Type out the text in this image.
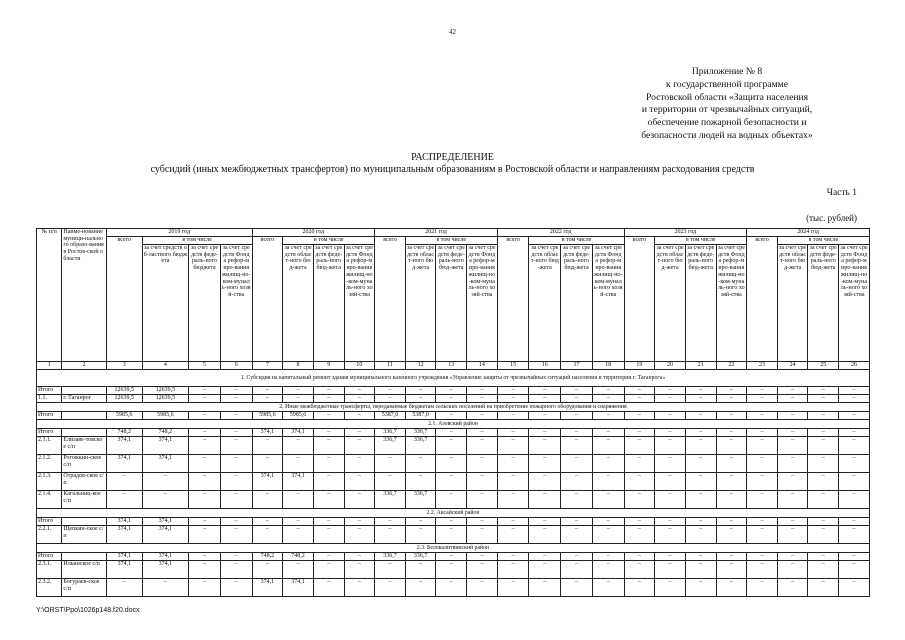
42
Приложение № 8
к государственной программе
Ростовской области «Защита населения
и территории от чрезвычайных ситуаций,
обеспечение пожарной безопасности и
безопасности людей на водных объектах»
РАСПРЕДЕЛЕНИЕ
субсидий (иных межбюджетных трансфертов) по муниципальным образованиям в Ростовской области и направлениям расходования средств
Часть 1
(тыс. рублей)
№ п/п	Наиме-нование муници-пального образо-вания в Ростов-ской области	2019 год				2020 год				2021 год				2022 год				2023 год				2024 год			
		всего	в том числе			всего	в том числе			всего	в том числе			всего	в том числе			всего	в том числе			всего	в том числе		
			за счет средств об-ластного бюджета	за счет средств феде-раль-ного бюджета	за счет средств Фонда рефор-миро-вания жилищ-но-ком-муналь-ного хозяй-ства		за счет средств област-ного бюд-жета	за счет средств феде-раль-ного бюд-жета	за счет средств Фонда рефор-миро-вания жилищ-но-ком-муналь-ного хозяй-ства		за счет средств област-ного бюд-жета	за счет средств феде-раль-ного бюд-жета	за счет средств Фонда рефор-миро-вания жилищ-но-ком-муналь-ного хозяй-ства		за счет средств област-ного бюд-жета	за счет средств феде-раль-ного бюд-жета	за счет средств Фонда рефор-миро-вания жилищ-но-ком-муналь-ного хозяй-ства		за счет средств област-ного бюд-жета	за счет средств феде-раль-ного бюд-жета	за счет средств Фонда рефор-миро-вания жилищ-но-ком-муналь-ного хозяй-ства		за счет средств област-ного бюд-жета	за счет средств феде-раль-ного бюд-жета	за счет средств Фонда рефор-миро-вания жилищ-но-ком-муналь-ного хозяй-ства
1	2	3	4	5	6	7	8	9	10	11	12	13	14	15	16	17	18	19	20	21	22	23	24	25	26
1. Субсидия на капитальный ремонт здания муниципального казенного учреждения «Управление защиты от чрезвычайных ситуаций населения и территории г. Таганрога»																									
Итого		12639,5	12639,5	–	–	–	–	–	–	–	–	–	–	–	–	–	–	–	–	–	–	–	–	–	–
1.1.	г. Таганрог	12639,5	12639,5	–	–	–	–	–	–	–	–	–	–	–	–	–	–	–	–	–	–	–	–	–	–
2. Иные межбюджетные трансферты, передаваемые бюджетам сельских поселений на приобретение пожарного оборудования и снаряжения																									
Итого		5985,6	5985,6	–	–	5985,6	5985,6	–	–	5387,0	5387,0	–	–	–	–	–	–	–	–	–	–	–	–	–	–
2.1. Азовский район																									
Итого		748,2	748,2	–	–	374,1	374,1	–	–	336,7	336,7	–	–	–	–	–	–	–	–	–	–	–	–	–	–
2.1.1.	Елизаве-товское с/п	374,1	374,1	–	–	–	–	–	–	336,7	336,7	–	–	–	–	–	–	–	–	–	–	–	–	–	–
2.1.2.	Рогожкин-ское с/п	374,1	374,1	–	–	–	–	–	–	–	–	–	–	–	–	–	–	–	–	–	–	–	–	–	–
2.1.3.	Отрадов-ское с/п	–	–	–	–	374,1	374,1	–	–	–	–	–	–	–	–	–	–	–	–	–	–	–	–	–	–
2.1.4.	Кагальниц-кое с/п	–	–	–	–	–	–	–	–	336,7	336,7	–	–	–	–	–	–	–	–	–	–	–	–	–	–
2.2. Аксайский район																									
Итого		374,1	374,1	–	–	–	–	–	–	–	–	–	–	–	–	–	–	–	–	–	–	–	–	–	–
2.2.1.	Щепкин-ское с/п	374,1	374,1	–	–	–	–	–	–	–	–	–	–	–	–	–	–	–	–	–	–	–	–	–	–
2.3. Белокалитвинский район																									
Итого		374,1	374,1	–	–	748,2	748,2	–	–	336,7	336,7	–	–	–	–	–	–	–	–	–	–	–	–	–	–
2.3.1.	Ильинское с/п	374,1	374,1	–	–	–	–	–	–	–	–	–	–	–	–	–	–	–	–	–	–	–	–	–	–
2.3.2.	Богураев-ское с/п	–	–	–	–	374,1	374,1	–	–	–	–	–	–	–	–	–	–	–	–	–	–	–	–	–	–
Y:\ORST\Ppo\1026p148.f20.docx
